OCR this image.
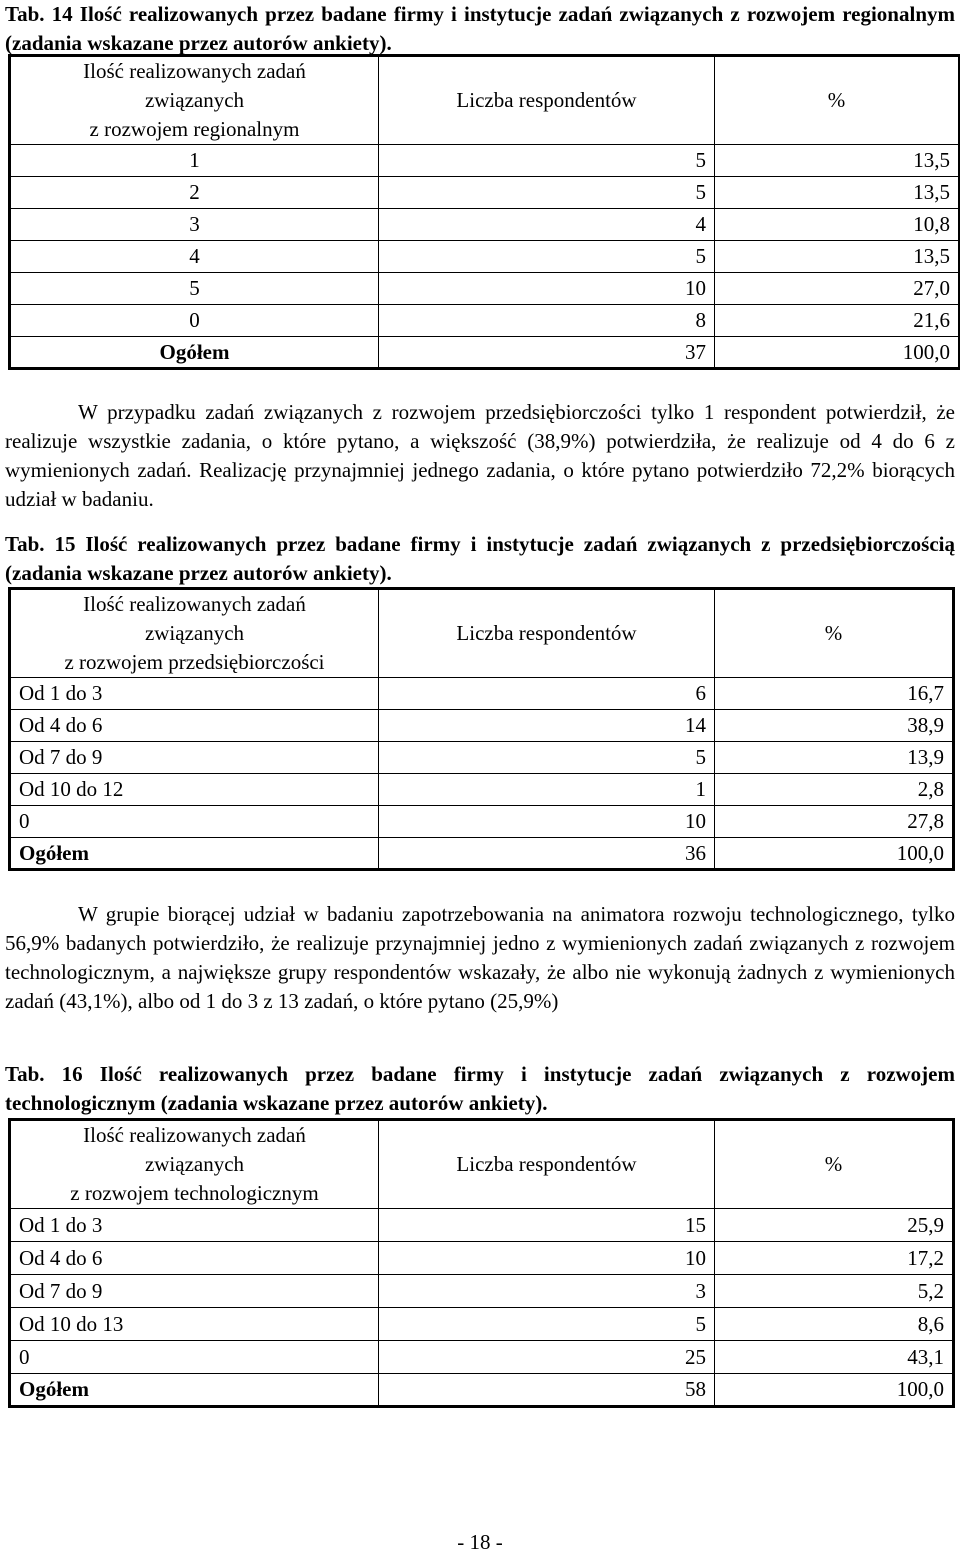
Tab. 14 Ilość realizowanych przez badane firmy i instytucje zadań związanych z rozwojem regionalnym (zadania wskazane przez autorów ankiety).
Ilość realizowanych zadań
związanych
z rozwojem regionalnym	Liczba respondentów	%
1	5	13,5
2	5	13,5
3	4	10,8
4	5	13,5
5	10	27,0
0	8	21,6
Ogółem	37	100,0

W przypadku zadań związanych z rozwojem przedsiębiorczości tylko 1 respondent potwierdził, że realizuje wszystkie zadania, o które pytano, a większość (38,9%) potwierdziła, że realizuje od 4 do 6 z wymienionych zadań. Realizację przynajmniej jednego zadania, o które pytano potwierdziło 72,2% biorących udział w badaniu.

Tab. 15 Ilość realizowanych przez badane firmy i instytucje zadań związanych z przedsiębiorczością (zadania wskazane przez autorów ankiety).
Ilość realizowanych zadań
związanych
z rozwojem przedsiębiorczości	Liczba respondentów	%
Od 1 do 3	6	16,7
Od 4 do 6	14	38,9
Od 7 do 9	5	13,9
Od 10 do 12	1	2,8
0	10	27,8
Ogółem	36	100,0

W grupie biorącej udział w badaniu zapotrzebowania na animatora rozwoju technologicznego, tylko 56,9% badanych potwierdziło, że realizuje przynajmniej jedno z wymienionych zadań związanych z rozwojem technologicznym, a największe grupy respondentów wskazały, że albo nie wykonują żadnych z wymienionych zadań (43,1%), albo od 1 do 3 z 13 zadań, o które pytano (25,9%)

Tab. 16 Ilość realizowanych przez badane firmy i instytucje zadań związanych z rozwojem technologicznym (zadania wskazane przez autorów ankiety).
Ilość realizowanych zadań
związanych
z rozwojem technologicznym	Liczba respondentów	%
Od 1 do 3	15	25,9
Od 4 do 6	10	17,2
Od 7 do 9	3	5,2
Od 10 do 13	5	8,6
0	25	43,1
Ogółem	58	100,0
- 18 -
